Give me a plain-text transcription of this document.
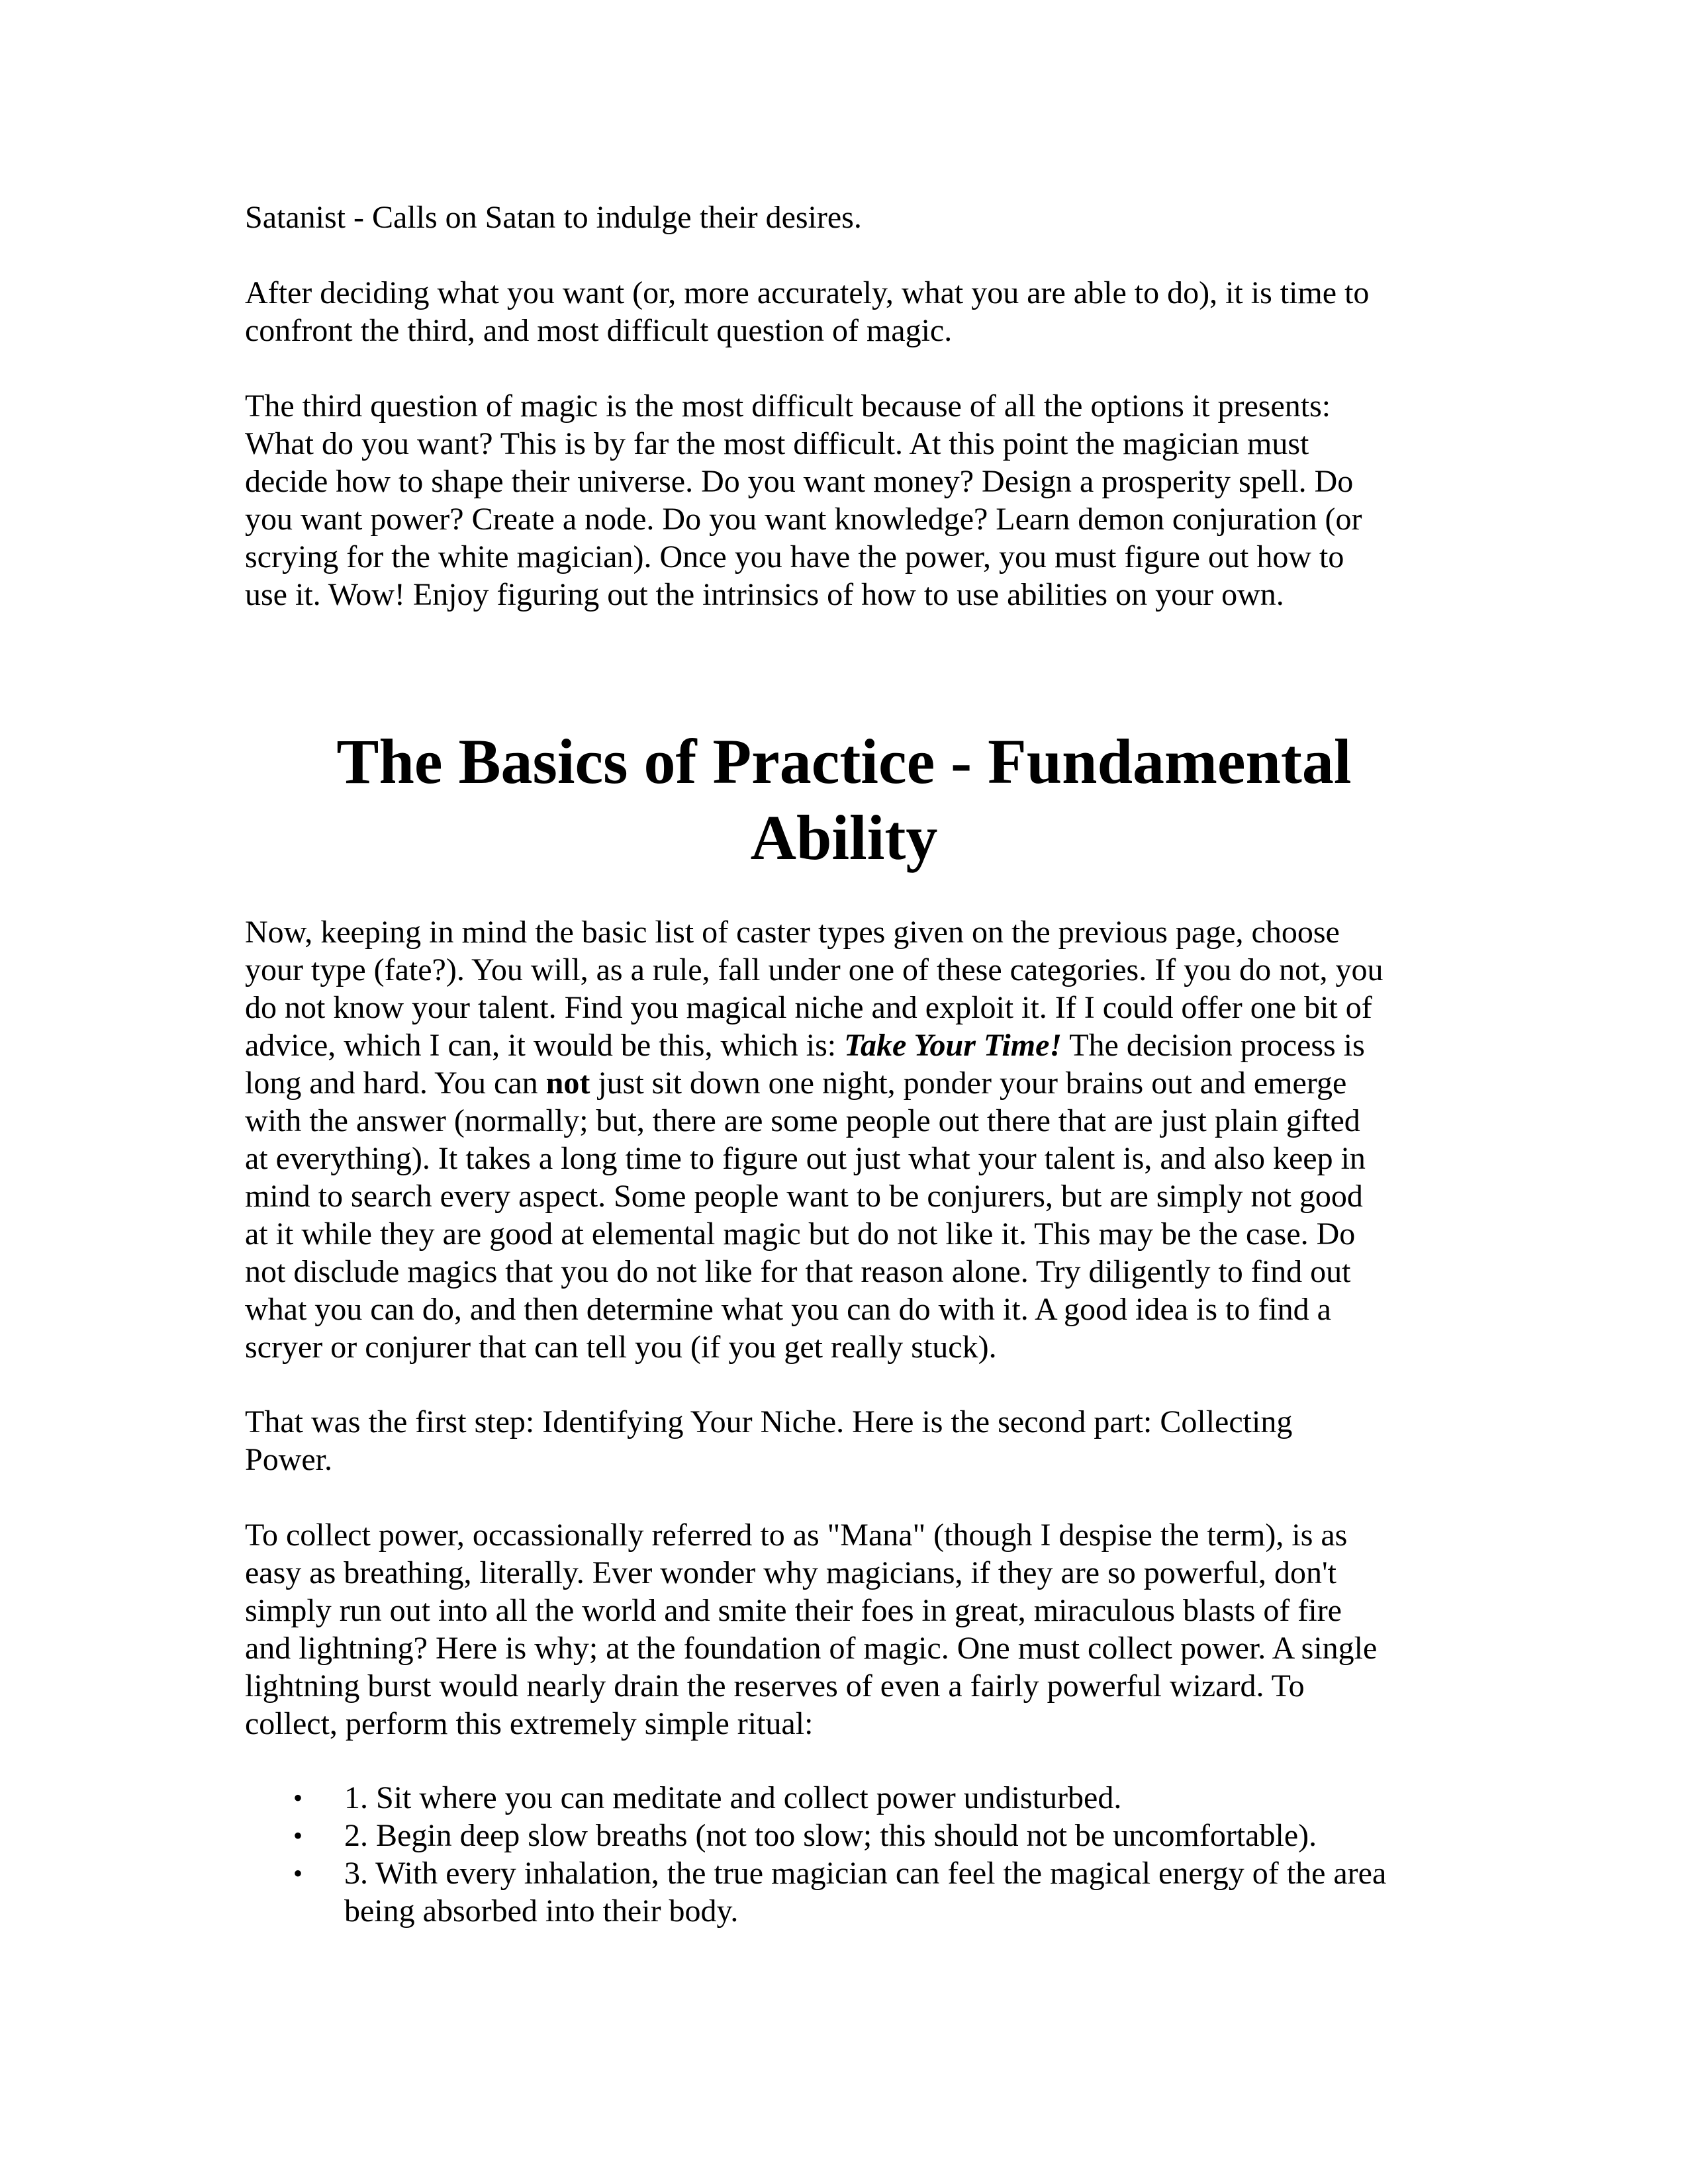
Satanist - Calls on Satan to indulge their desires.

After deciding what you want (or, more accurately, what you are able to do), it is time to
confront the third, and most difficult question of magic.

The third question of magic is the most difficult because of all the options it presents:
What do you want? This is by far the most difficult. At this point the magician must
decide how to shape their universe. Do you want money? Design a prosperity spell. Do
you want power? Create a node. Do you want knowledge? Learn demon conjuration (or
scrying for the white magician). Once you have the power, you must figure out how to
use it. Wow! Enjoy figuring out the intrinsics of how to use abilities on your own.

The Basics of Practice - Fundamental
Ability

Now, keeping in mind the basic list of caster types given on the previous page, choose
your type (fate?). You will, as a rule, fall under one of these categories. If you do not, you
do not know your talent. Find you magical niche and exploit it. If I could offer one bit of
advice, which I can, it would be this, which is: Take Your Time! The decision process is
long and hard. You can not just sit down one night, ponder your brains out and emerge
with the answer (normally; but, there are some people out there that are just plain gifted
at everything). It takes a long time to figure out just what your talent is, and also keep in
mind to search every aspect. Some people want to be conjurers, but are simply not good
at it while they are good at elemental magic but do not like it. This may be the case. Do
not disclude magics that you do not like for that reason alone. Try diligently to find out
what you can do, and then determine what you can do with it. A good idea is to find a
scryer or conjurer that can tell you (if you get really stuck).

That was the first step: Identifying Your Niche. Here is the second part: Collecting
Power.

To collect power, occassionally referred to as "Mana" (though I despise the term), is as
easy as breathing, literally. Ever wonder why magicians, if they are so powerful, don't
simply run out into all the world and smite their foes in great, miraculous blasts of fire
and lightning? Here is why; at the foundation of magic. One must collect power. A single
lightning burst would nearly drain the reserves of even a fairly powerful wizard. To
collect, perform this extremely simple ritual:

• 1. Sit where you can meditate and collect power undisturbed.
• 2. Begin deep slow breaths (not too slow; this should not be uncomfortable).
• 3. With every inhalation, the true magician can feel the magical energy of the area
being absorbed into their body.
